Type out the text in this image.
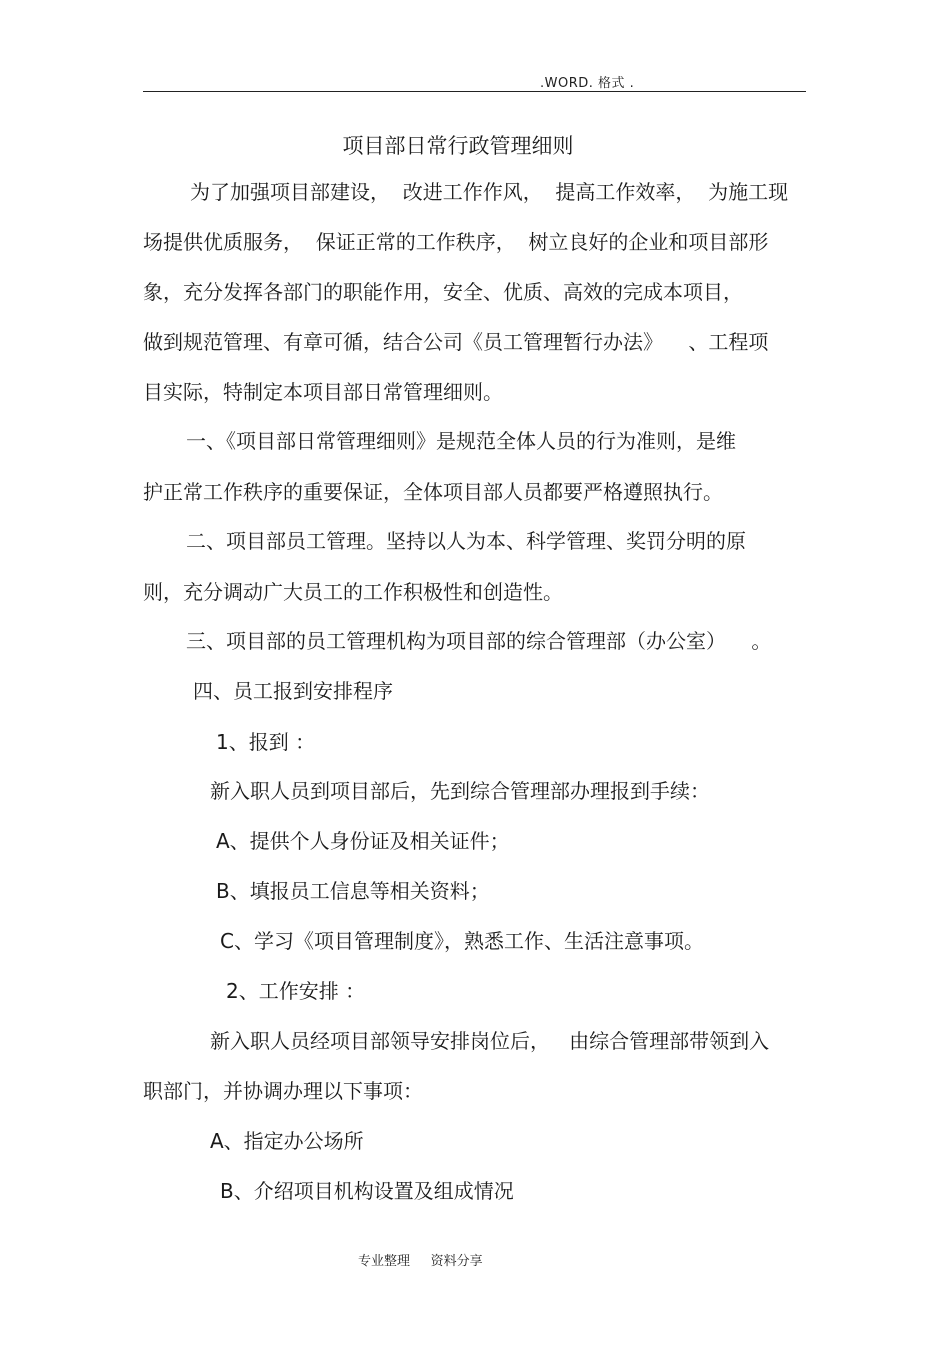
.WORD. 格式 .
项目部日常行政管理细则
为了加强项目部建设，  改进工作作风，  提高工作效率，  为施工现
场提供优质服务，  保证正常的工作秩序，  树立良好的企业和项目部形
象，充分发挥各部门的职能作用，安全、优质、高效的完成本项目，
做到规范管理、有章可循，结合公司《员工管理暂行办法》    、工程项
目实际，特制定本项目部日常管理细则。
一、《项目部日常管理细则》是规范全体人员的行为准则，是维
护正常工作秩序的重要保证，全体项目部人员都要严格遵照执行。
二、项目部员工管理。坚持以人为本、科学管理、奖罚分明的原
则，充分调动广大员工的工作积极性和创造性。
三、项目部的员工管理机构为项目部的综合管理部（办公室）    。
四、员工报到安排程序
1、报到 ：
新入职人员到项目部后，先到综合管理部办理报到手续：
A、提供个人身份证及相关证件；
B、填报员工信息等相关资料；
C、学习《项目管理制度》，熟悉工作、生活注意事项。
2、工作安排 ：
新入职人员经项目部领导安排岗位后，   由综合管理部带领到入
职部门，并协调办理以下事项：
A、指定办公场所
B、介绍项目机构设置及组成情况
专业整理     资料分享
